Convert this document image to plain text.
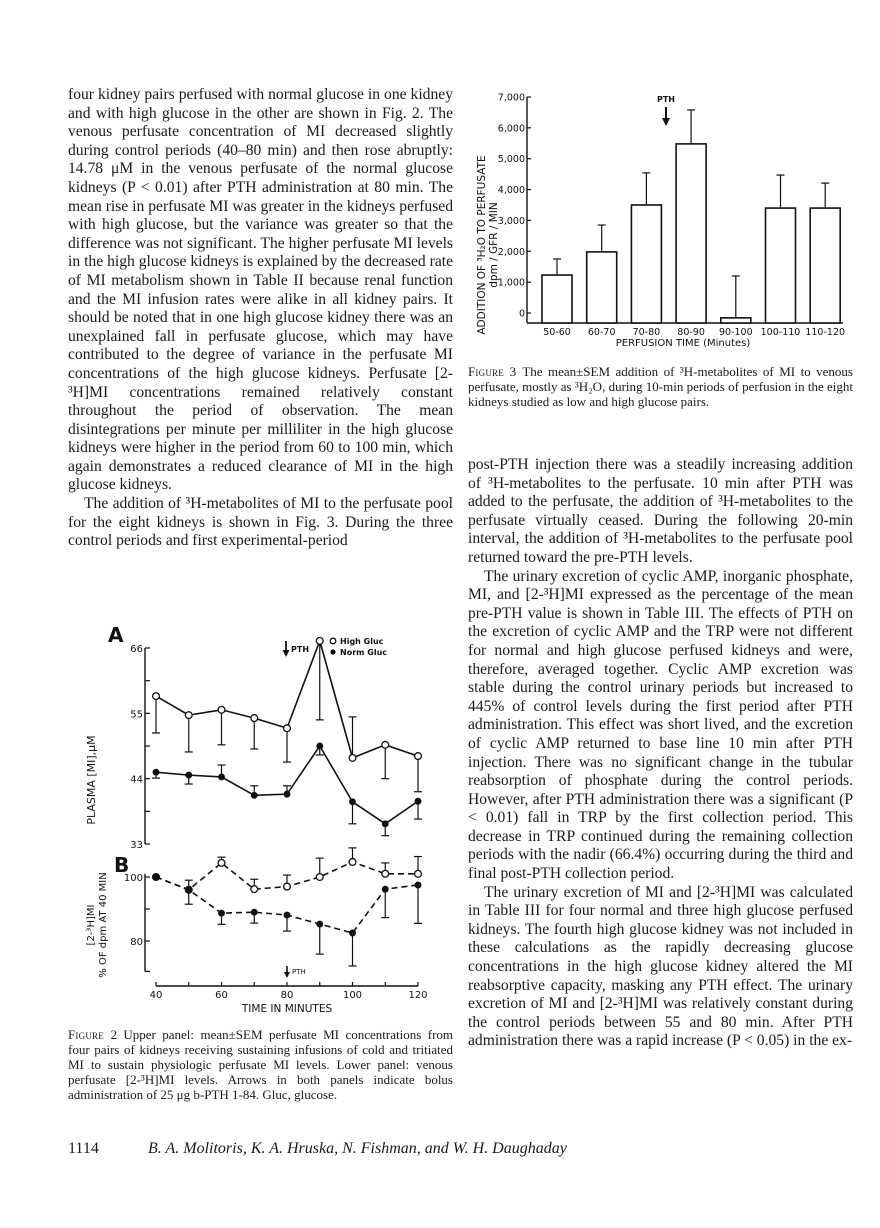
four kidney pairs perfused with normal glucose in one kidney and with high glucose in the other are shown in Fig. 2. The venous perfusate concentration of MI decreased slightly during control periods (40–80 min) and then rose abruptly: 14.78 μM in the venous perfusate of the normal glucose kidneys (P < 0.01) after PTH administration at 80 min. The mean rise in perfusate MI was greater in the kidneys perfused with high glucose, but the variance was greater so that the difference was not significant. The higher perfusate MI levels in the high glucose kidneys is explained by the decreased rate of MI metabolism shown in Table II because renal function and the MI infusion rates were alike in all kidney pairs. It should be noted that in one high glucose kidney there was an unexplained fall in perfusate glucose, which may have contributed to the degree of variance in the perfusate MI concentrations of the high glucose kidneys. Perfusate [2-³H]MI concentrations remained relatively constant throughout the period of observation. The mean disintegrations per minute per milliliter in the high glucose kidneys were higher in the period from 60 to 100 min, which again demonstrates a reduced clearance of MI in the high glucose kidneys.

The addition of ³H-metabolites of MI to the perfusate pool for the eight kidneys is shown in Fig. 3. During the three control periods and first experimental-period

0
1,000
2,000
3,000
4,000
5,000
6,000
7,000
50-60 60-70 70-80 80-90 90-100 100-110 110-120
ADDITION OF ³H₂O TO PERFUSATE dpm / GFR / MIN
PERFUSION TIME (Minutes)
PTH
Figure 3 The mean±SEM addition of ³H-metabolites of MI to venous perfusate, mostly as ³H₂O, during 10-min periods of perfusion in the eight kidneys studied as low and high glucose pairs.

post-PTH injection there was a steadily increasing addition of ³H-metabolites to the perfusate. 10 min after PTH was added to the perfusate, the addition of ³H-metabolites to the perfusate virtually ceased. During the following 20-min interval, the addition of ³H-metabolites to the perfusate pool returned toward the pre-PTH levels.

The urinary excretion of cyclic AMP, inorganic phosphate, MI, and [2-³H]MI expressed as the percentage of the mean pre-PTH value is shown in Table III. The effects of PTH on the excretion of cyclic AMP and the TRP were not different for normal and high glucose perfused kidneys and were, therefore, averaged together. Cyclic AMP excretion was stable during the control urinary periods but increased to 445% of control levels during the first period after PTH administration. This effect was short lived, and the excretion of cyclic AMP returned to base line 10 min after PTH injection. There was no significant change in the tubular reabsorption of phosphate during the control periods. However, after PTH administration there was a significant (P < 0.01) fall in TRP by the first collection period. This decrease in TRP continued during the remaining collection periods with the nadir (66.4%) occurring during the third and final post-PTH collection period.

The urinary excretion of MI and [2-³H]MI was calculated in Table III for four normal and three high glucose perfused kidneys. The fourth high glucose kidney was not included in these calculations as the rapidly decreasing glucose concentrations in the high glucose kidney altered the MI reabsorptive capacity, masking any PTH effect. The urinary excretion of MI and [2-³H]MI was relatively constant during the control periods between 55 and 80 min. After PTH administration there was a rapid increase (P < 0.05) in the ex-

33
44
55
66
80
100
40	60	80	100	120
A
B
PLASMA [MI],μM
[2-³H]MI % OF dpm AT 40 MIN
TIME IN MINUTES
High Gluc
Norm Gluc
PTH
PTH
Figure 2 Upper panel: mean±SEM perfusate MI concentrations from four pairs of kidneys receiving sustaining infusions of cold and tritiated MI to sustain physiologic perfusate MI levels. Lower panel: venous perfusate [2-³H]MI levels. Arrows in both panels indicate bolus administration of 25 μg b-PTH 1-84. Gluc, glucose.
1114	B. A. Molitoris, K. A. Hruska, N. Fishman, and W. H. Daughaday
